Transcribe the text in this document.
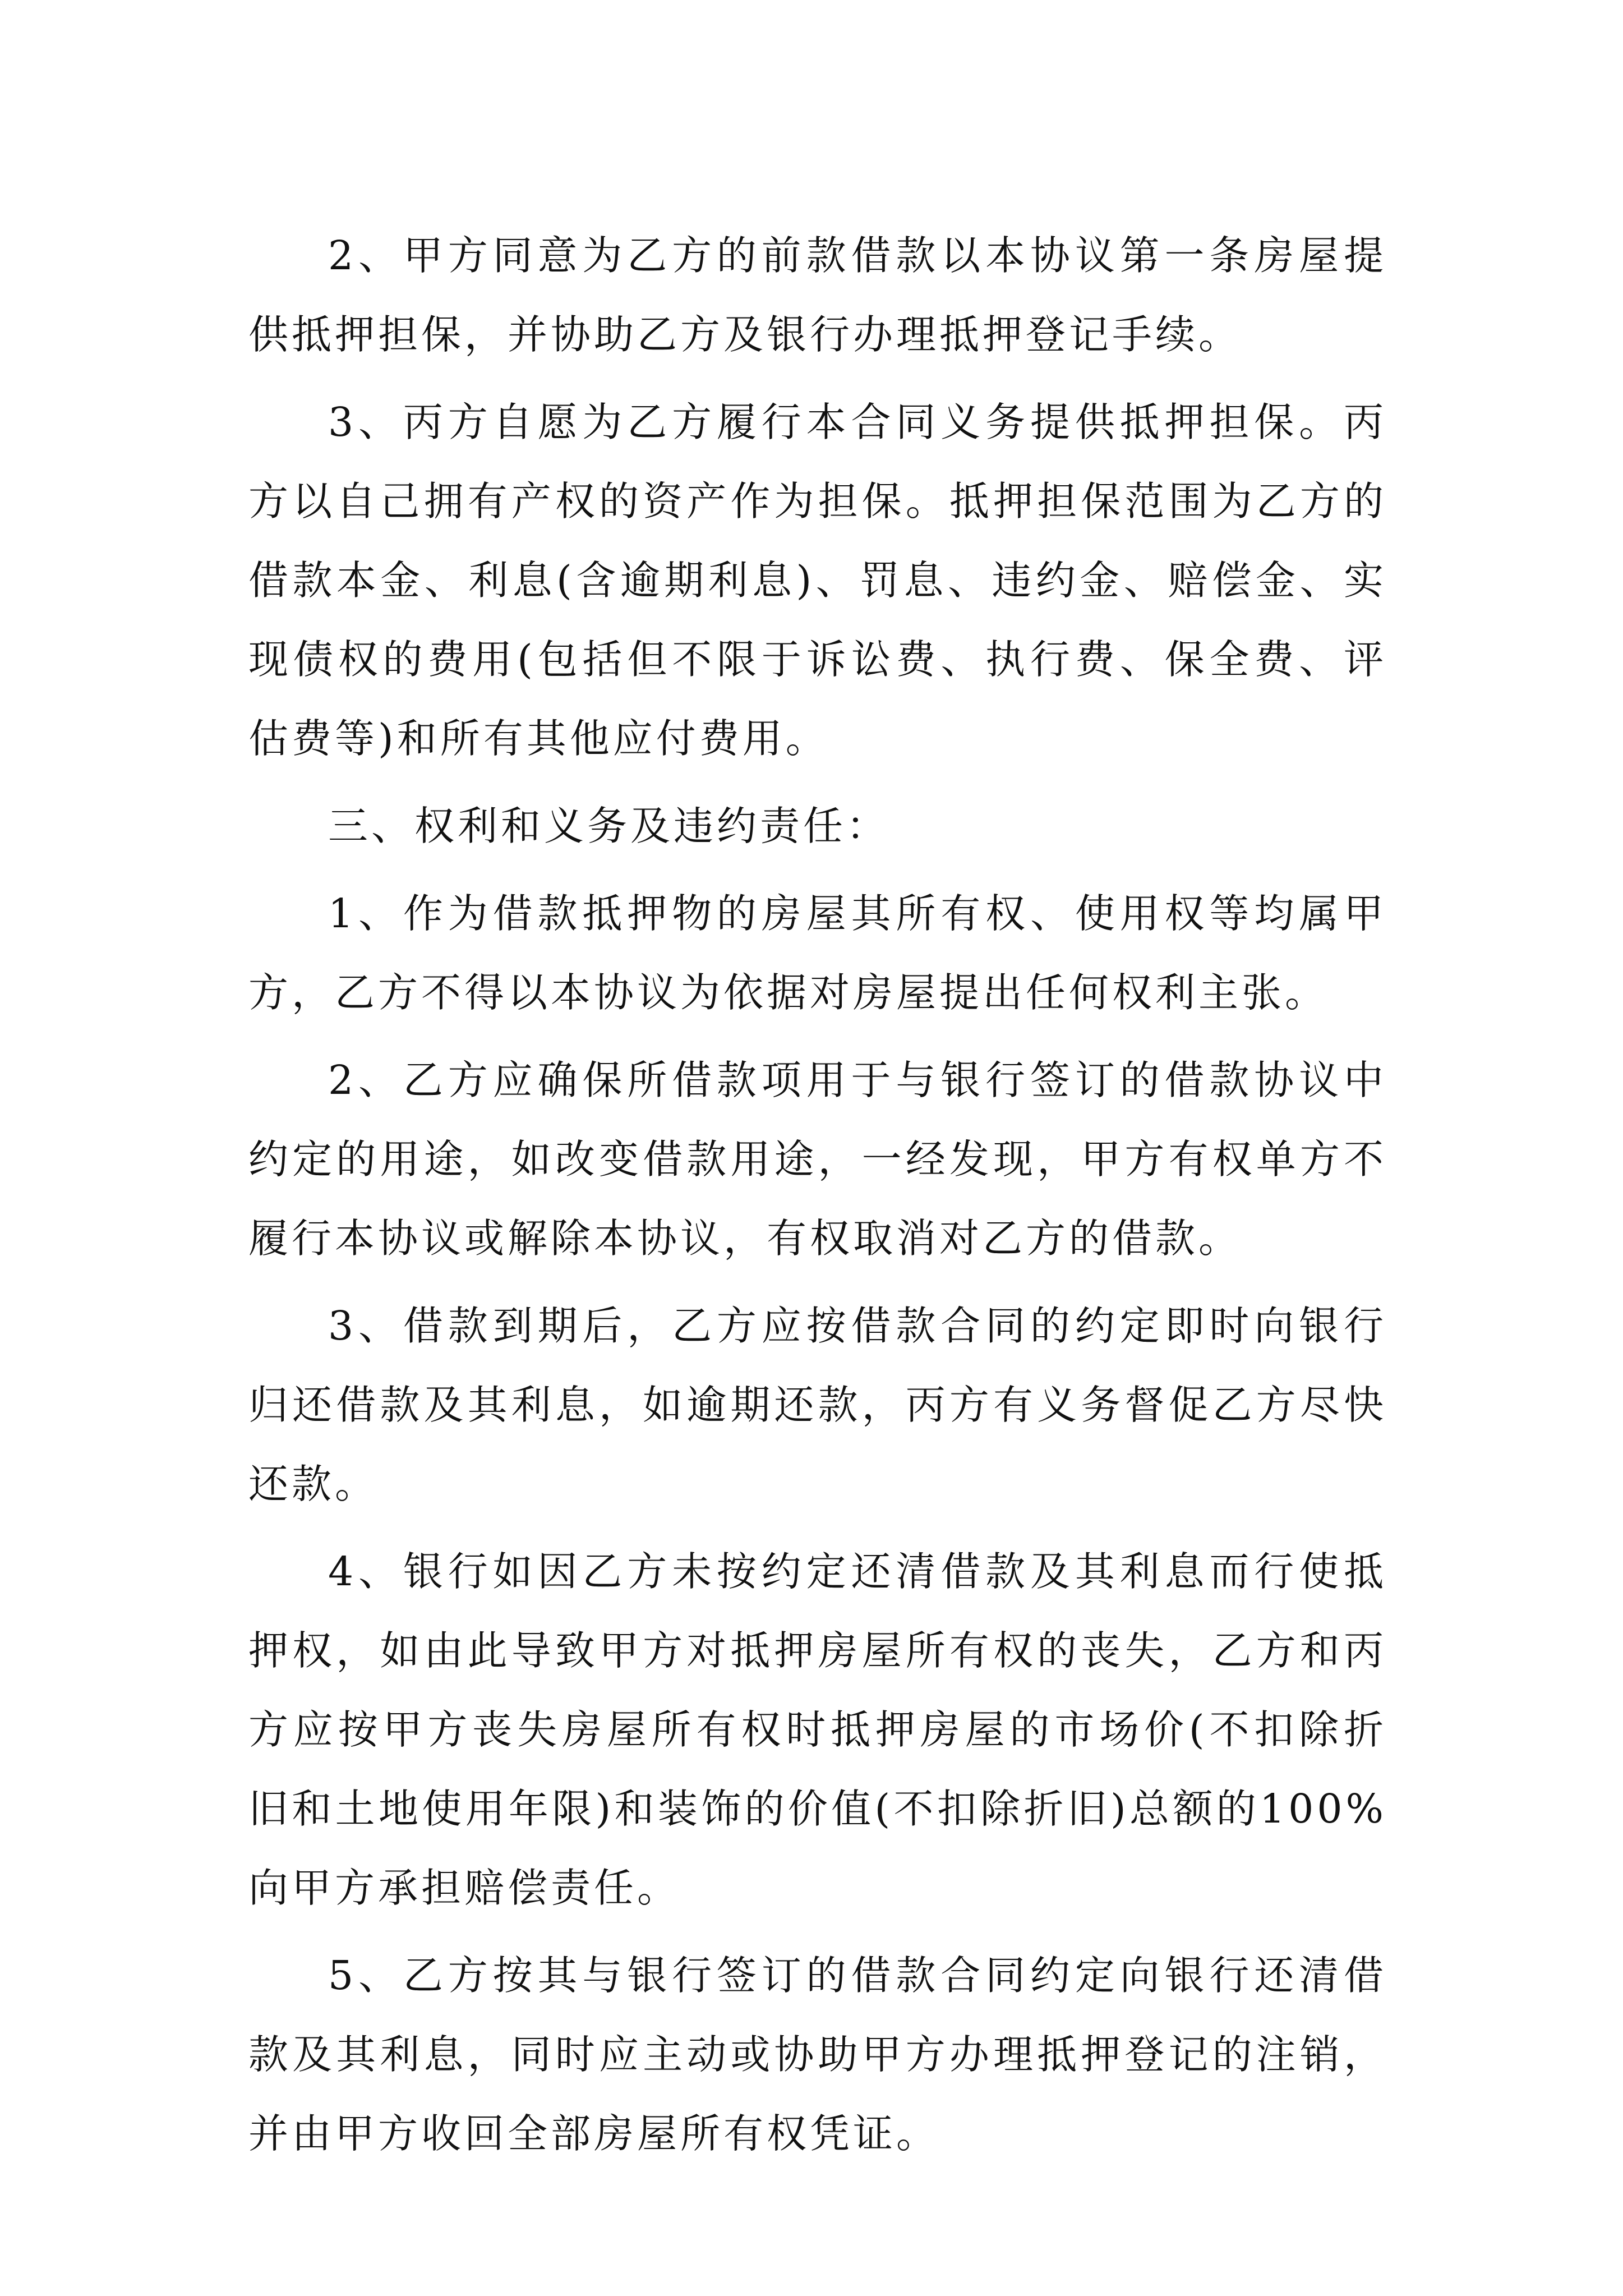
2、甲方同意为乙方的前款借款以本协议第一条房屋提供抵押担保，并协助乙方及银行办理抵押登记手续。

3、丙方自愿为乙方履行本合同义务提供抵押担保。丙方以自己拥有产权的资产作为担保。抵押担保范围为乙方的借款本金、利息(含逾期利息)、罚息、违约金、赔偿金、实现债权的费用(包括但不限于诉讼费、执行费、保全费、评估费等)和所有其他应付费用。

三、权利和义务及违约责任：

1、作为借款抵押物的房屋其所有权、使用权等均属甲方，乙方不得以本协议为依据对房屋提出任何权利主张。

2、乙方应确保所借款项用于与银行签订的借款协议中约定的用途，如改变借款用途，一经发现，甲方有权单方不履行本协议或解除本协议，有权取消对乙方的借款。

3、借款到期后，乙方应按借款合同的约定即时向银行归还借款及其利息，如逾期还款，丙方有义务督促乙方尽快还款。

4、银行如因乙方未按约定还清借款及其利息而行使抵押权，如由此导致甲方对抵押房屋所有权的丧失，乙方和丙方应按甲方丧失房屋所有权时抵押房屋的市场价(不扣除折旧和土地使用年限)和装饰的价值(不扣除折旧)总额的100%向甲方承担赔偿责任。

5、乙方按其与银行签订的借款合同约定向银行还清借款及其利息，同时应主动或协助甲方办理抵押登记的注销，并由甲方收回全部房屋所有权凭证。
